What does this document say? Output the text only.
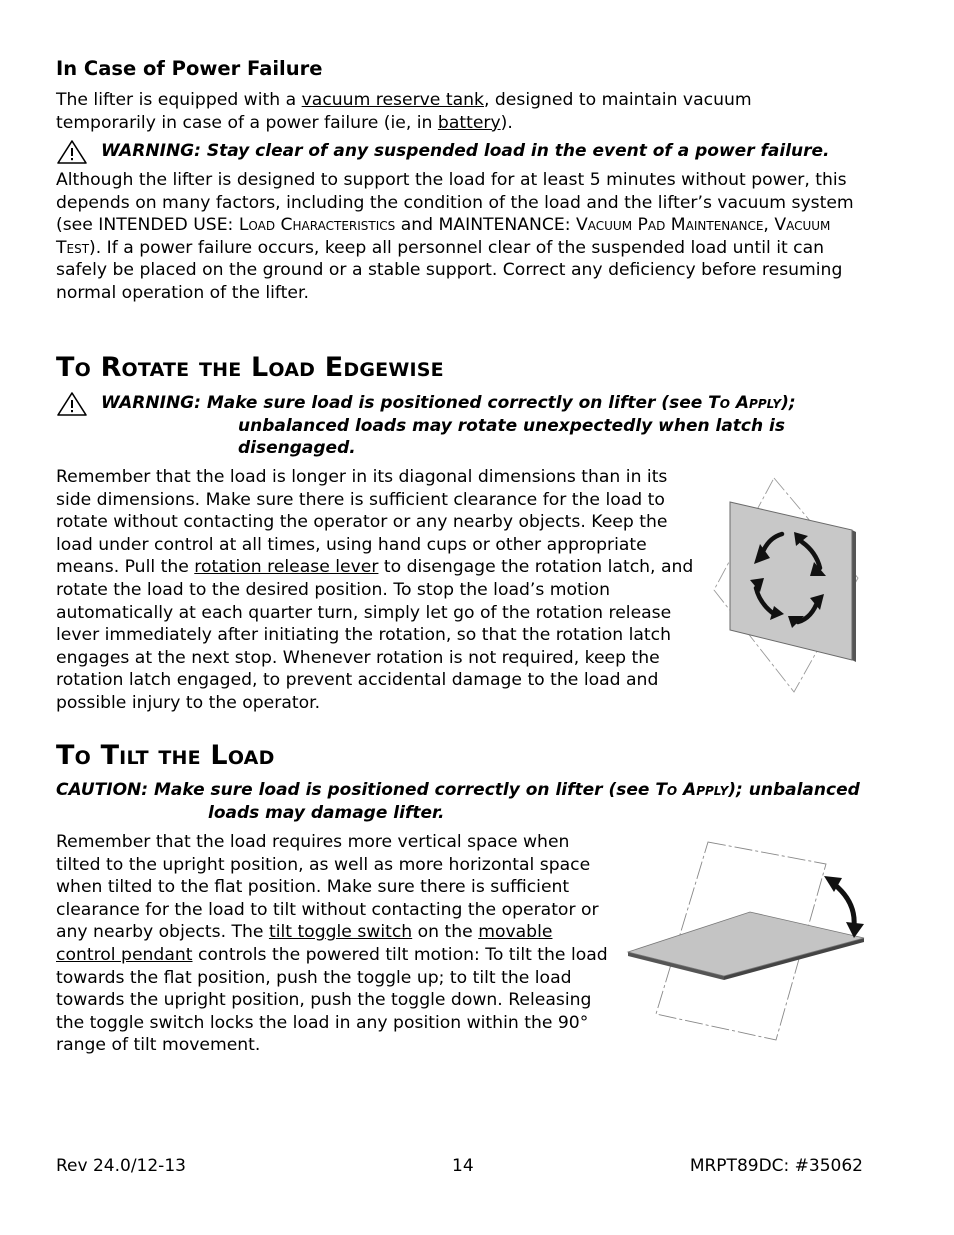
In Case of Power Failure

The lifter is equipped with a vacuum reserve tank, designed to maintain vacuum temporarily in case of a power failure (ie, in battery).

WARNING: Stay clear of any suspended load in the event of a power failure.

Although the lifter is designed to support the load for at least 5 minutes without power, this depends on many factors, including the condition of the load and the lifter’s vacuum system (see INTENDED USE: Load Characteristics and MAINTENANCE: Vacuum Pad Maintenance, Vacuum Test). If a power failure occurs, keep all personnel clear of the suspended load until it can safely be placed on the ground or a stable support. Correct any deficiency before resuming normal operation of the lifter.

To Rotate the Load Edgewise
WARNING: Make sure load is positioned correctly on lifter (see To Apply);
unbalanced loads may rotate unexpectedly when latch is
disengaged.

Remember that the load is longer in its diagonal dimensions than in its side dimensions. Make sure there is sufficient clearance for the load to rotate without contacting the operator or any nearby objects. Keep the load under control at all times, using hand cups or other appropriate means. Pull the rotation release lever to disengage the rotation latch, and rotate the load to the desired position. To stop the load’s motion automatically at each quarter turn, simply let go of the rotation release lever immediately after initiating the rotation, so that the rotation latch engages at the next stop. Whenever rotation is not required, keep the rotation latch engaged, to prevent accidental damage to the load and possible injury to the operator.

To Tilt the Load
CAUTION: Make sure load is positioned correctly on lifter (see To Apply); unbalanced
loads may damage lifter.

Remember that the load requires more vertical space when tilted to the upright position, as well as more horizontal space when tilted to the flat position. Make sure there is sufficient clearance for the load to tilt without contacting the operator or any nearby objects. The tilt toggle switch on the movable control pendant controls the powered tilt motion: To tilt the load towards the flat position, push the toggle up; to tilt the load towards the upright position, push the toggle down. Releasing the toggle switch locks the load in any position within the 90° range of tilt movement.

Rev 24.0/12-13	14	MRPT89DC: #35062
